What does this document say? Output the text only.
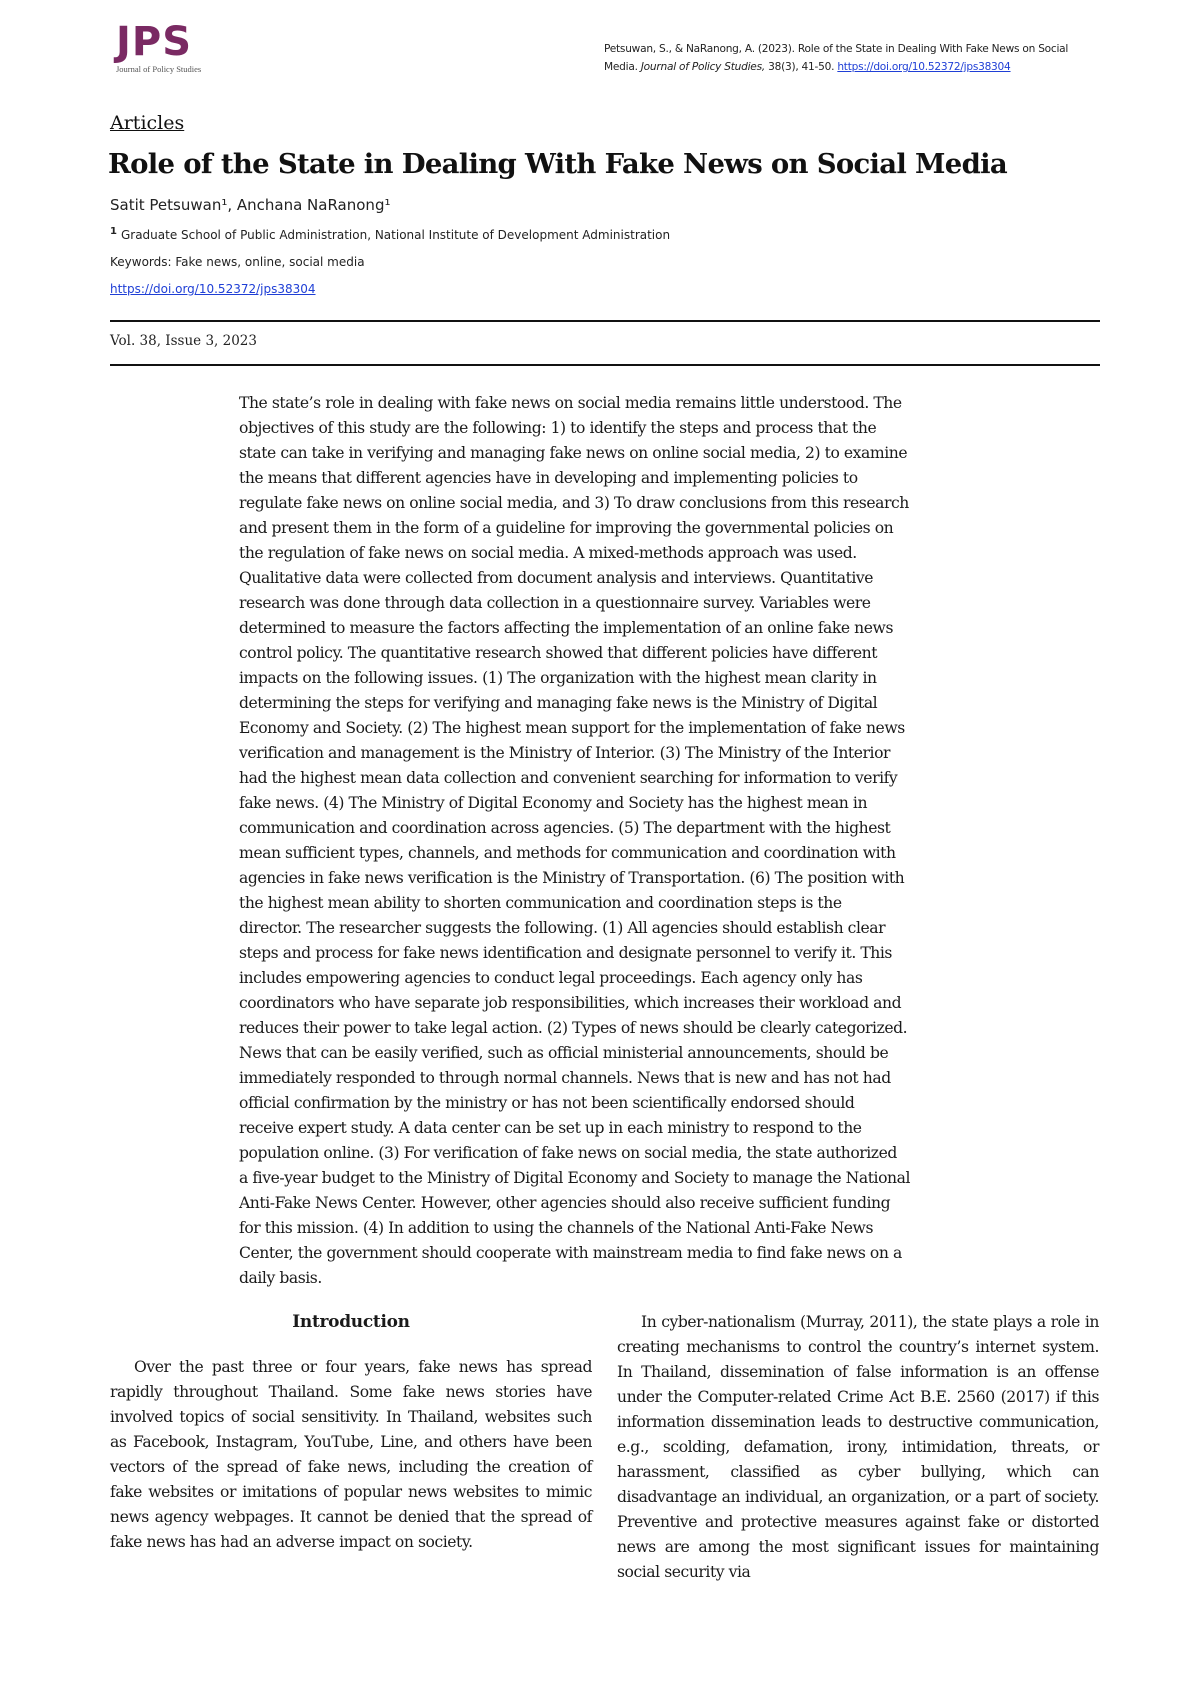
JPS
Journal of Policy Studies
Petsuwan, S., & NaRanong, A. (2023). Role of the State in Dealing With Fake News on Social Media. Journal of Policy Studies, 38(3), 41-50. https://doi.org/10.52372/jps38304
Articles
Role of the State in Dealing With Fake News on Social Media
Satit Petsuwan¹, Anchana NaRanong¹
$^1$ Graduate School of Public Administration, National Institute of Development Administration
Keywords: Fake news, online, social media
https://doi.org/10.52372/jps38304
Vol. 38, Issue 3, 2023
The state’s role in dealing with fake news on social media remains little understood. The
objectives of this study are the following: 1) to identify the steps and process that the
state can take in verifying and managing fake news on online social media, 2) to examine
the means that different agencies have in developing and implementing policies to
regulate fake news on online social media, and 3) To draw conclusions from this research
and present them in the form of a guideline for improving the governmental policies on
the regulation of fake news on social media. A mixed-methods approach was used.
Qualitative data were collected from document analysis and interviews. Quantitative
research was done through data collection in a questionnaire survey. Variables were
determined to measure the factors affecting the implementation of an online fake news
control policy. The quantitative research showed that different policies have different
impacts on the following issues. (1) The organization with the highest mean clarity in
determining the steps for verifying and managing fake news is the Ministry of Digital
Economy and Society. (2) The highest mean support for the implementation of fake news
verification and management is the Ministry of Interior. (3) The Ministry of the Interior
had the highest mean data collection and convenient searching for information to verify
fake news. (4) The Ministry of Digital Economy and Society has the highest mean in
communication and coordination across agencies. (5) The department with the highest
mean sufficient types, channels, and methods for communication and coordination with
agencies in fake news verification is the Ministry of Transportation. (6) The position with
the highest mean ability to shorten communication and coordination steps is the
director. The researcher suggests the following. (1) All agencies should establish clear
steps and process for fake news identification and designate personnel to verify it. This
includes empowering agencies to conduct legal proceedings. Each agency only has
coordinators who have separate job responsibilities, which increases their workload and
reduces their power to take legal action. (2) Types of news should be clearly categorized.
News that can be easily verified, such as official ministerial announcements, should be
immediately responded to through normal channels. News that is new and has not had
official confirmation by the ministry or has not been scientifically endorsed should
receive expert study. A data center can be set up in each ministry to respond to the
population online. (3) For verification of fake news on social media, the state authorized
a five-year budget to the Ministry of Digital Economy and Society to manage the National
Anti-Fake News Center. However, other agencies should also receive sufficient funding
for this mission. (4) In addition to using the channels of the National Anti-Fake News
Center, the government should cooperate with mainstream media to find fake news on a
daily basis.
Introduction

Over the past three or four years, fake news has spread rapidly throughout Thailand. Some fake news stories have involved topics of social sensitivity. In Thailand, websites such as Facebook, Instagram, YouTube, Line, and others have been vectors of the spread of fake news, including the creation of fake websites or imitations of popular news websites to mimic news agency webpages. It cannot be denied that the spread of fake news has had an adverse impact on society.

In cyber-nationalism (Murray, 2011), the state plays a role in creating mechanisms to control the country’s internet system. In Thailand, dissemination of false information is an offense under the Computer-related Crime Act B.E. 2560 (2017) if this information dissemination leads to destructive communication, e.g., scolding, defamation, irony, intimidation, threats, or harassment, classified as cyber bullying, which can disadvantage an individual, an organization, or a part of society. Preventive and protective measures against fake or distorted news are among the most significant issues for maintaining social security via
